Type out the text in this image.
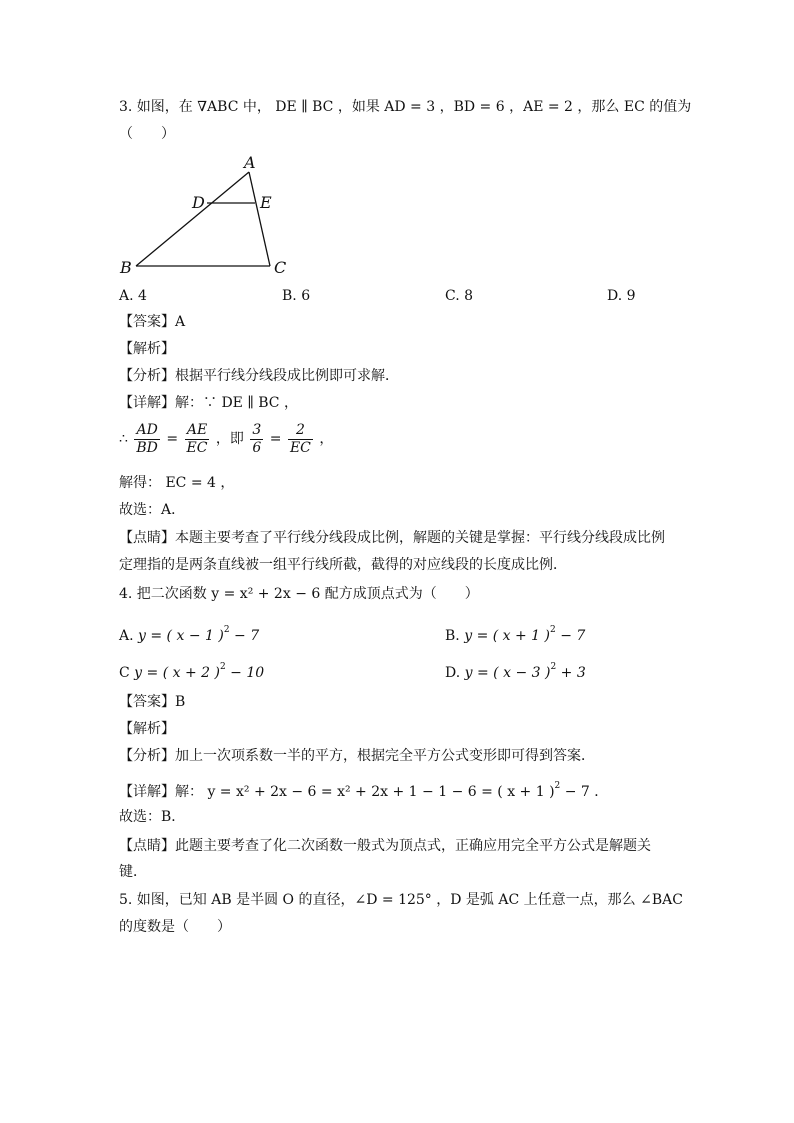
3. 如图，在 ∇ABC 中， DE ∥ BC ，如果 AD = 3 ，BD = 6 ，AE = 2 ，那么 EC 的值为
（　　）
A
D	E
B	C
A. 4	B. 6	C. 8	D. 9
【答案】A
【解析】
【分析】根据平行线分线段成比例即可求解．
【详解】解：∵ DE ∥ BC ，
∴ $\frac{AD}{BD} = \frac{AE}{EC}$ ，即 $\frac{3}{6} = \frac{2}{EC}$ ，
解得： EC = 4 ，
故选：A．
【点睛】本题主要考查了平行线分线段成比例，解题的关键是掌握：平行线分线段成比例
定理指的是两条直线被一组平行线所截，截得的对应线段的长度成比例．
4. 把二次函数 y = x² + 2x − 6 配方成顶点式为（　　）
A. y = ( x − 1 )$^2$ − 7	B. y = ( x + 1 )$^2$ − 7
C y = ( x + 2 )$^2$ − 10	D. y = ( x − 3 )$^2$ + 3
【答案】B
【解析】
【分析】加上一次项系数一半的平方，根据完全平方公式变形即可得到答案．
【详解】解： y = x² + 2x − 6 = x² + 2x + 1 − 1 − 6 = ( x + 1 )$^2$ − 7 ．
故选：B．
【点睛】此题主要考查了化二次函数一般式为顶点式，正确应用完全平方公式是解题关
键．
5. 如图，已知 AB 是半圆 O 的直径，∠D = 125° ，D 是弧 AC 上任意一点，那么 ∠BAC
的度数是（　　）
